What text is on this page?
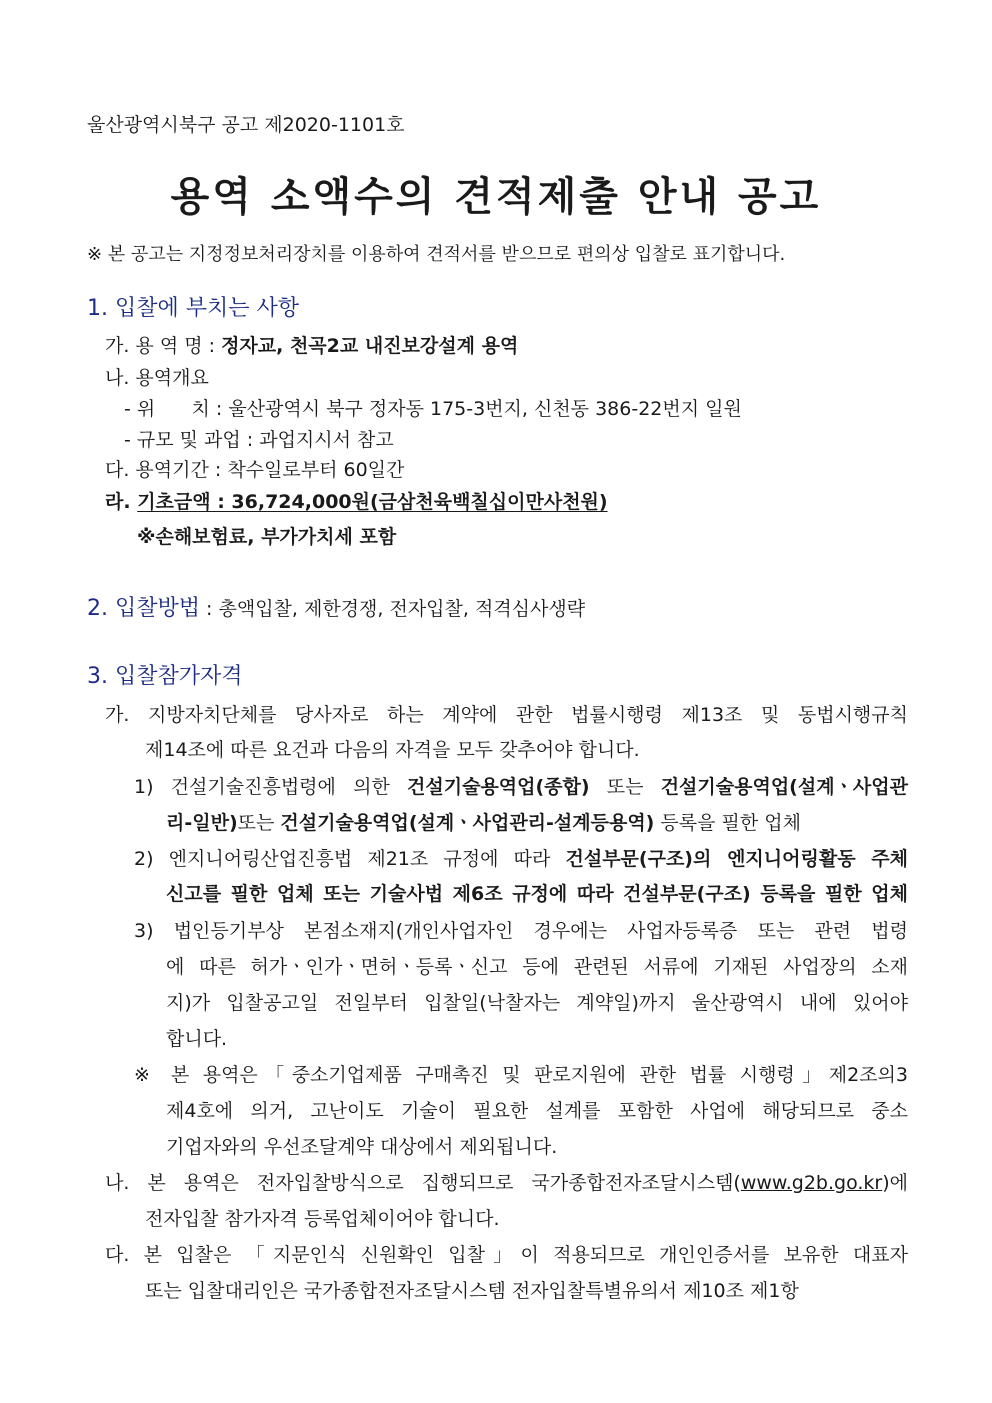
울산광역시북구 공고 제2020-1101호
용역 소액수의 견적제출 안내 공고
※ 본 공고는 지정정보처리장치를 이용하여 견적서를 받으므로 편의상 입찰로 표기합니다.
1. 입찰에 부치는 사항
가. 용 역 명 : 정자교, 천곡2교 내진보강설계 용역
나. 용역개요
- 위      치 : 울산광역시 북구 정자동 175-3번지, 신천동 386-22번지 일원
- 규모 및 과업 : 과업지시서 참고
다. 용역기간 : 착수일로부터 60일간
라. 기초금액 : 36,724,000원(금삼천육백칠십이만사천원)
※손해보험료, 부가가치세 포함
2. 입찰방법 : 총액입찰, 제한경쟁, 전자입찰, 적격심사생략
3. 입찰참가자격
가. 지방자치단체를 당사자로 하는 계약에 관한 법률시행령 제13조 및 동법시행규칙
제14조에 따른 요건과 다음의 자격을 모두 갖추어야 합니다.
1) 건설기술진흥법령에 의한 건설기술용역업(종합) 또는 건설기술용역업(설계ㆍ사업관
리-일반)또는 건설기술용역업(설계ㆍ사업관리-설계등용역) 등록을 필한 업체
2) 엔지니어링산업진흥법 제21조 규정에 따라 건설부문(구조)의 엔지니어링활동 주체
신고를 필한 업체 또는 기술사법 제6조 규정에 따라 건설부문(구조) 등록을 필한 업체
3) 법인등기부상 본점소재지(개인사업자인 경우에는 사업자등록증 또는 관련 법령
에 따른 허가ㆍ인가ㆍ면허ㆍ등록ㆍ신고 등에 관련된 서류에 기재된 사업장의 소재
지)가 입찰공고일 전일부터 입찰일(낙찰자는 계약일)까지 울산광역시 내에 있어야
합니다.
※ 본 용역은「중소기업제품 구매촉진 및 판로지원에 관한 법률 시행령」제2조의3
제4호에 의거, 고난이도 기술이 필요한 설계를 포함한 사업에 해당되므로 중소
기업자와의 우선조달계약 대상에서 제외됩니다.
나. 본 용역은 전자입찰방식으로 집행되므로 국가종합전자조달시스템(www.g2b.go.kr)에
전자입찰 참가자격 등록업체이어야 합니다.
다. 본 입찰은 「지문인식 신원확인 입찰」이 적용되므로 개인인증서를 보유한 대표자
또는 입찰대리인은 국가종합전자조달시스템 전자입찰특별유의서 제10조 제1항
